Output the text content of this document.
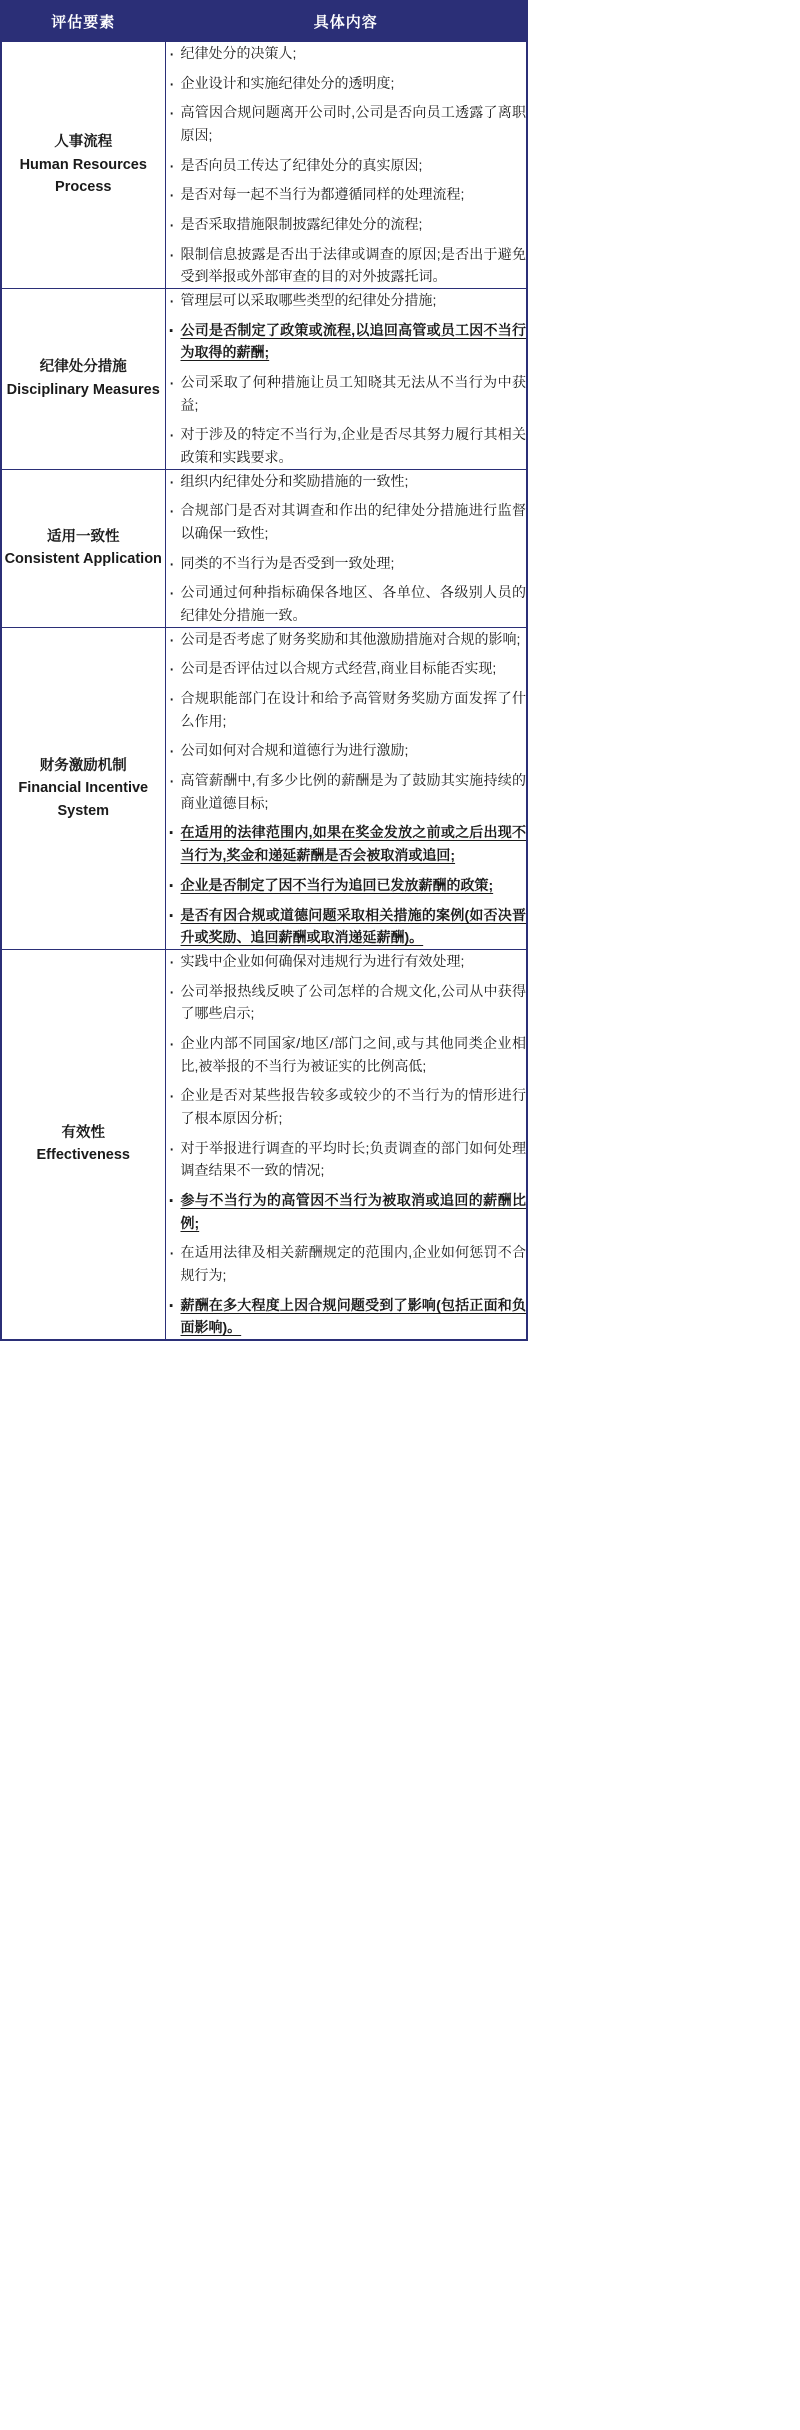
评估要素	具体内容

人事流程
Human Resources Process

· 纪律处分的决策人;
· 企业设计和实施纪律处分的透明度;
· 高管因合规问题离开公司时,公司是否向员工透露了离职原因;
· 是否向员工传达了纪律处分的真实原因;
· 是否对每一起不当行为都遵循同样的处理流程;
· 是否采取措施限制披露纪律处分的流程;
· 限制信息披露是否出于法律或调查的原因;是否出于避免受到举报或外部审查的目的对外披露托词。

纪律处分措施
Disciplinary Measures

· 管理层可以采取哪些类型的纪律处分措施;
· 公司是否制定了政策或流程,以追回高管或员工因不当行为取得的薪酬;
· 公司采取了何种措施让员工知晓其无法从不当行为中获益;
· 对于涉及的特定不当行为,企业是否尽其努力履行其相关政策和实践要求。

适用一致性
Consistent Application

· 组织内纪律处分和奖励措施的一致性;
· 合规部门是否对其调查和作出的纪律处分措施进行监督以确保一致性;
· 同类的不当行为是否受到一致处理;
· 公司通过何种指标确保各地区、各单位、各级别人员的纪律处分措施一致。

财务激励机制
Financial Incentive System

· 公司是否考虑了财务奖励和其他激励措施对合规的影响;
· 公司是否评估过以合规方式经营,商业目标能否实现;
· 合规职能部门在设计和给予高管财务奖励方面发挥了什么作用;
· 公司如何对合规和道德行为进行激励;
· 高管薪酬中,有多少比例的薪酬是为了鼓励其实施持续的商业道德目标;
· 在适用的法律范围内,如果在奖金发放之前或之后出现不当行为,奖金和递延薪酬是否会被取消或追回;
· 企业是否制定了因不当行为追回已发放薪酬的政策;
· 是否有因合规或道德问题采取相关措施的案例(如否决晋升或奖励、追回薪酬或取消递延薪酬)。

有效性
Effectiveness

· 实践中企业如何确保对违规行为进行有效处理;
· 公司举报热线反映了公司怎样的合规文化,公司从中获得了哪些启示;
· 企业内部不同国家/地区/部门之间,或与其他同类企业相比,被举报的不当行为被证实的比例高低;
· 企业是否对某些报告较多或较少的不当行为的情形进行了根本原因分析;
· 对于举报进行调查的平均时长;负责调查的部门如何处理调查结果不一致的情况;
· 参与不当行为的高管因不当行为被取消或追回的薪酬比例;
· 在适用法律及相关薪酬规定的范围内,企业如何惩罚不合规行为;
· 薪酬在多大程度上因合规问题受到了影响(包括正面和负面影响)。
